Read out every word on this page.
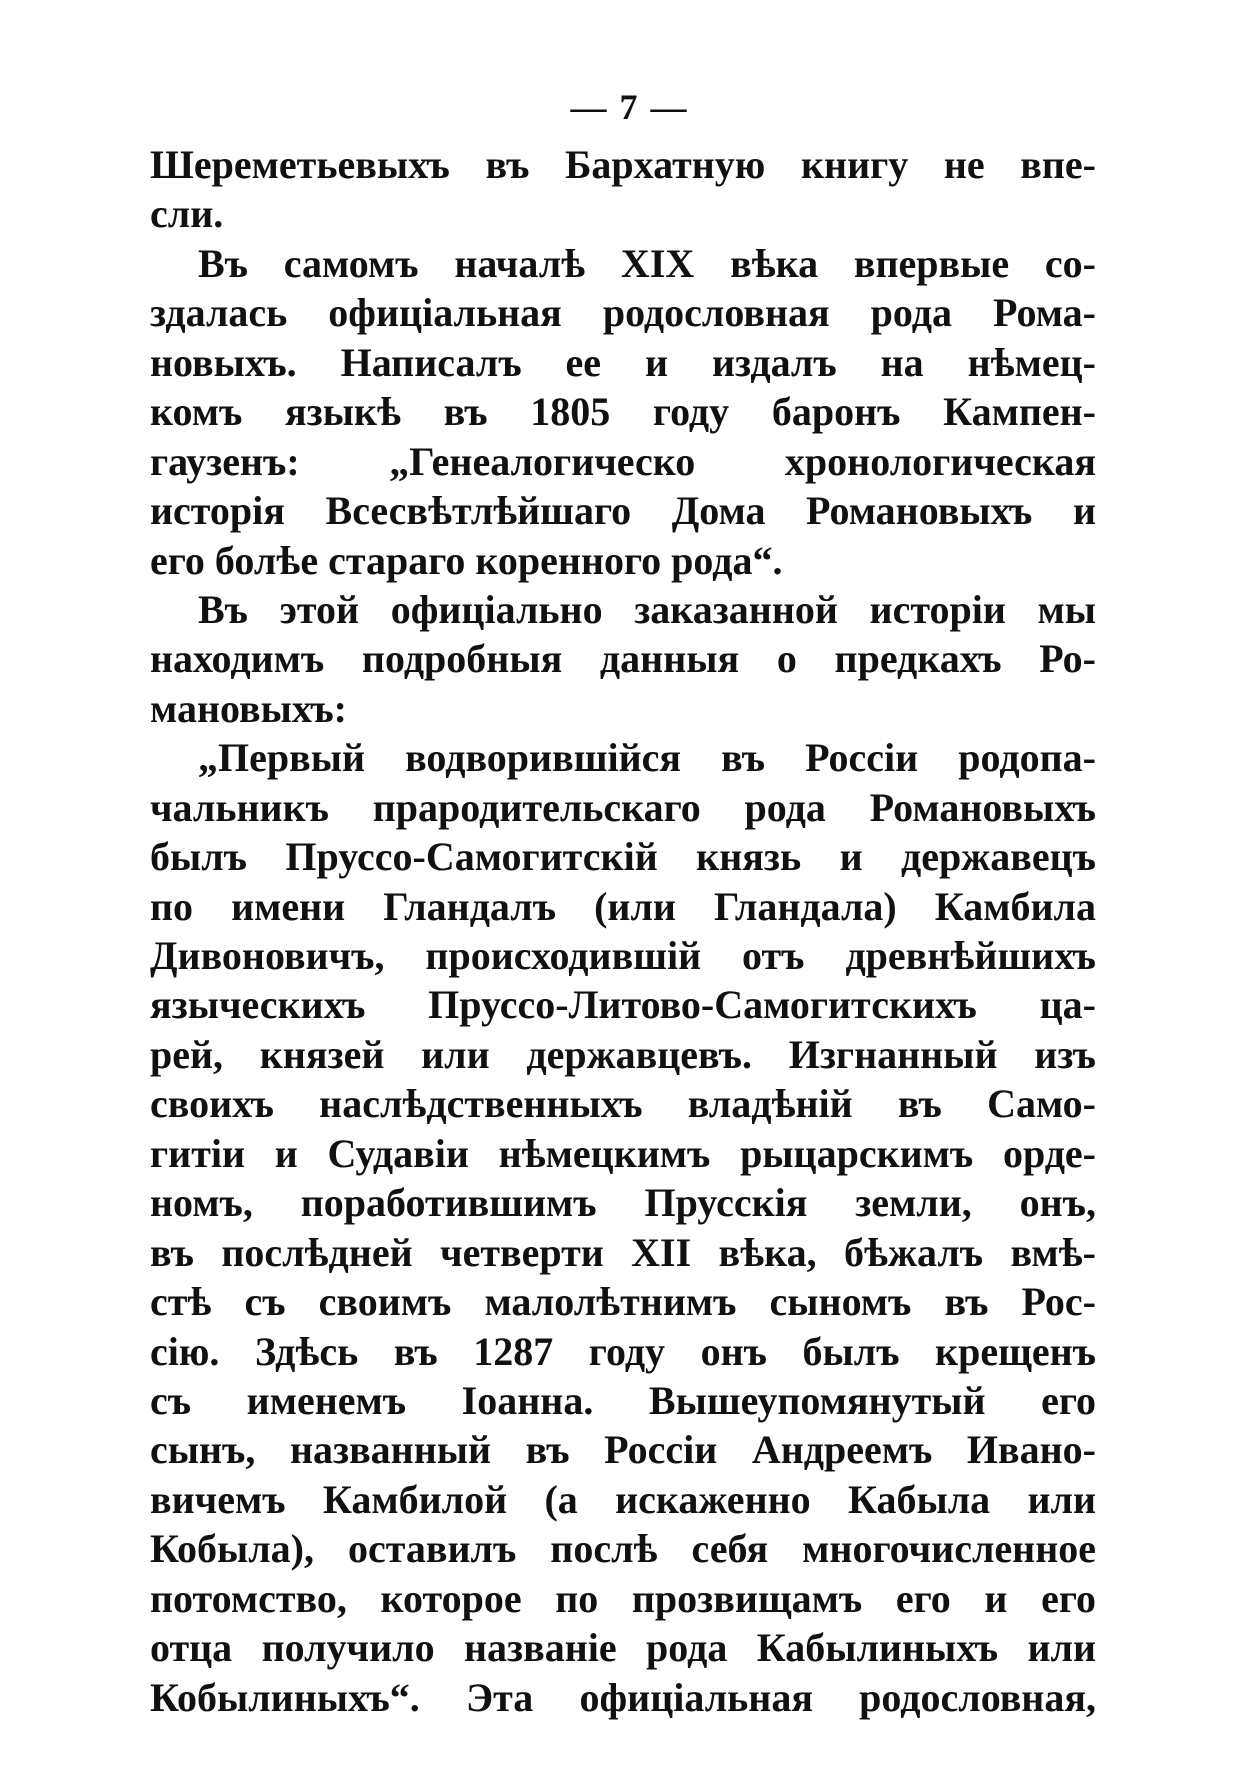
— 7 —
Шереметьевыхъ въ Бархатную книгу не впе-
сли.
Въ самомъ началѣ XIX вѣка впервые со-
здалась офиціальная родословная рода Рома-
новыхъ. Написалъ ее и издалъ на нѣмец-
комъ языкѣ въ 1805 году баронъ Кампен-
гаузенъ: „Генеалогическо хронологическая
исторія Всесвѣтлѣйшаго Дома Романовыхъ и
его болѣе стараго коренного рода“.
Въ этой офиціально заказанной исторіи мы
находимъ подробныя данныя о предкахъ Ро-
мановыхъ:
„Первый водворившійся въ Россіи родопа-
чальникъ прародительскаго рода Романовыхъ
былъ Пруссо-Самогитскій князь и державецъ
по имени Гландалъ (или Гландала) Камбила
Дивоновичъ, происходившій отъ древнѣйшихъ
языческихъ Пруссо-Литово-Самогитскихъ ца-
рей, князей или державцевъ. Изгнанный изъ
своихъ наслѣдственныхъ владѣній въ Само-
гитіи и Судавіи нѣмецкимъ рыцарскимъ орде-
номъ, поработившимъ Прусскія земли, онъ,
въ послѣдней четверти XII вѣка, бѣжалъ вмѣ-
стѣ съ своимъ малолѣтнимъ сыномъ въ Рос-
сію. Здѣсь въ 1287 году онъ былъ крещенъ
съ именемъ Іоанна. Вышеупомянутый его
сынъ, названный въ Россіи Андреемъ Ивано-
вичемъ Камбилой (а искаженно Кабыла или
Кобыла), оставилъ послѣ себя многочисленное
потомство, которое по прозвищамъ его и его
отца получило названіе рода Кабылиныхъ или
Кобылиныхъ“. Эта офиціальная родословная,
